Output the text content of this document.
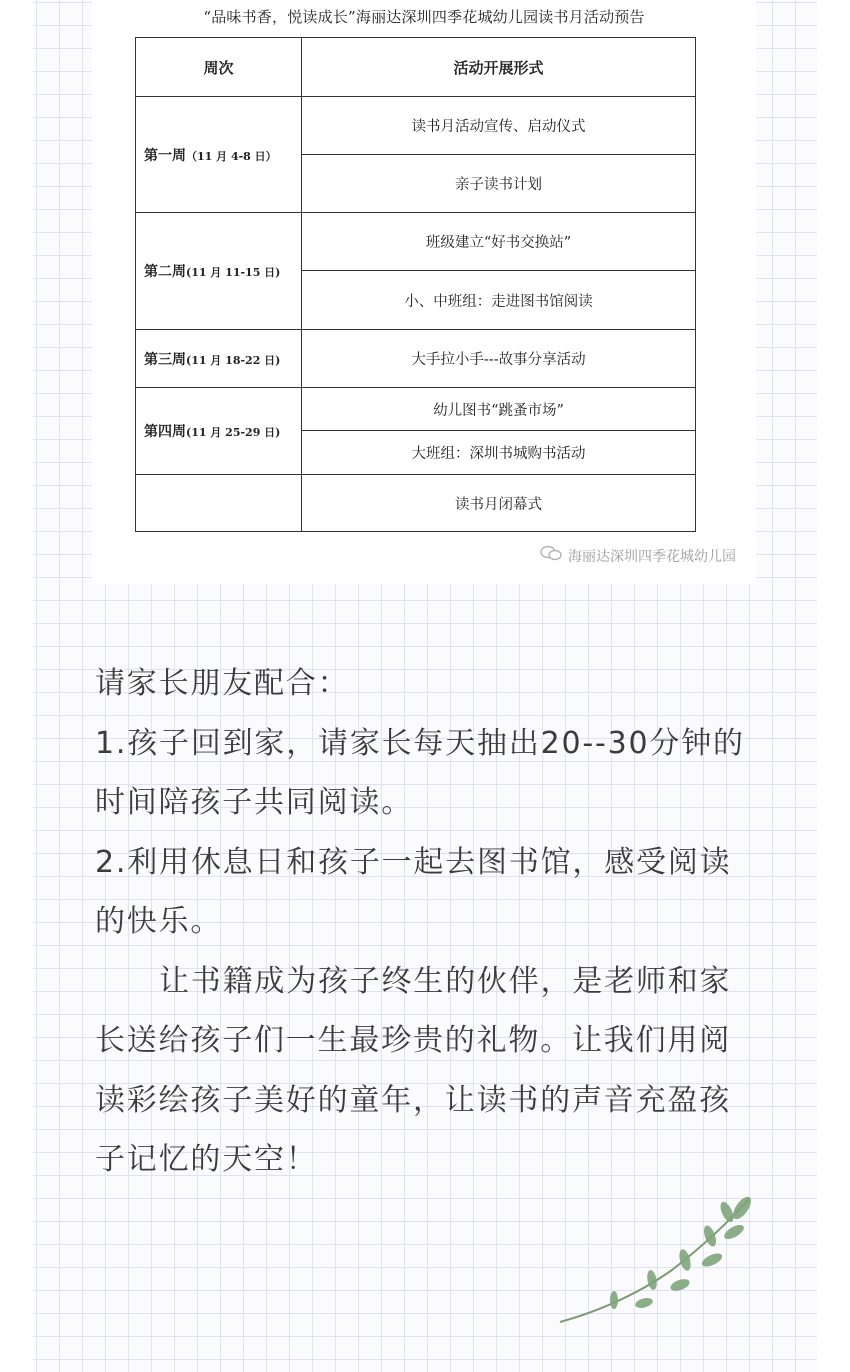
“品味书香，悦读成长”海丽达深圳四季花城幼儿园读书月活动预告
周次	活动开展形式
第一周（11 月 4-8 日）	读书月活动宣传、启动仪式
	亲子读书计划
第二周(11 月 11-15 日)	班级建立“好书交换站”
	小、中班组：走进图书馆阅读
第三周(11 月 18-22 日)	大手拉小手---故事分享活动
第四周(11 月 25-29 日)	幼儿图书“跳蚤市场”
	大班组：深圳书城购书活动
	读书月闭幕式
海丽达深圳四季花城幼儿园

请家长朋友配合：

1.孩子回到家，请家长每天抽出20--30分钟的时间陪孩子共同阅读。

2.利用休息日和孩子一起去图书馆，感受阅读的快乐。

让书籍成为孩子终生的伙伴，是老师和家长送给孩子们一生最珍贵的礼物。让我们用阅读彩绘孩子美好的童年，让读书的声音充盈孩子记忆的天空！
